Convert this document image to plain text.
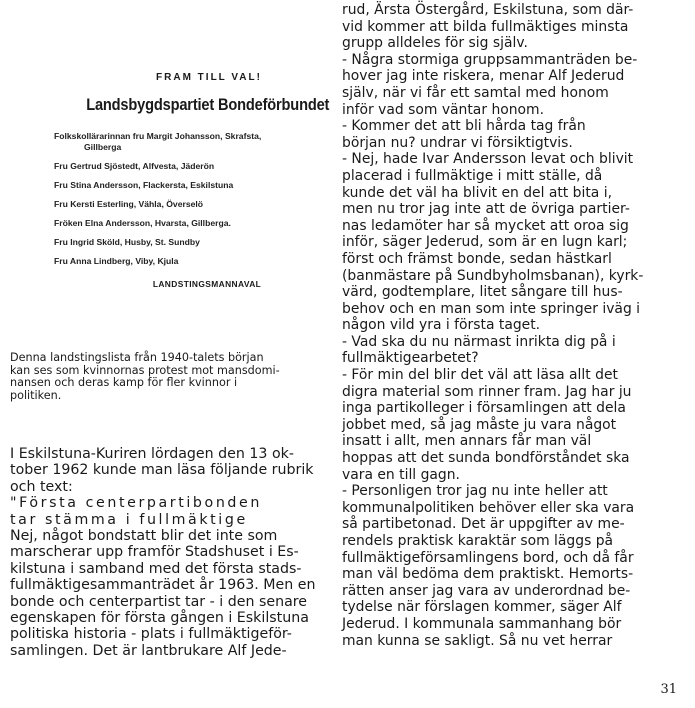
FRAM TILL VAL!
Landsbygdspartiet Bondeförbundet
Folkskollärarinnan fru Margit Johansson, Skrafsta,
Gillberga
Fru Gertrud Sjöstedt, Alfvesta, Jäderön
Fru Stina Andersson, Flackersta, Eskilstuna
Fru Kersti Esterling, Vähla, Överselö
Fröken Elna Andersson, Hvarsta, Gillberga.
Fru Ingrid Sköld, Husby, St. Sundby
Fru Anna Lindberg, Viby, Kjula
LANDSTINGSMANNAVAL
Denna landstingslista från 1940-talets början
kan ses som kvinnornas protest mot mansdomi-
nansen och deras kamp för fler kvinnor i
politiken.
I Eskilstuna-Kuriren lördagen den 13 ok-
tober 1962 kunde man läsa följande rubrik
och text:
"Första centerpartibonden
tar stämma i fullmäktige
Nej, något bondstatt blir det inte som
marscherar upp framför Stadshuset i Es-
kilstuna i samband med det första stads-
fullmäktigesammanträdet år 1963. Men en
bonde och centerpartist tar - i den senare
egenskapen för första gången i Eskilstuna
politiska historia - plats i fullmäktigeför-
samlingen. Det är lantbrukare Alf Jede-
rud, Ärsta Östergård, Eskilstuna, som där-
vid kommer att bilda fullmäktiges minsta
grupp alldeles för sig själv.
- Några stormiga gruppsammanträden be-
hover jag inte riskera, menar Alf Jederud
själv, när vi får ett samtal med honom
inför vad som väntar honom.
- Kommer det att bli hårda tag från
början nu? undrar vi försiktigtvis.
- Nej, hade Ivar Andersson levat och blivit
placerad i fullmäktige i mitt ställe, då
kunde det väl ha blivit en del att bita i,
men nu tror jag inte att de övriga partier-
nas ledamöter har så mycket att oroa sig
inför, säger Jederud, som är en lugn karl;
först och främst bonde, sedan hästkarl
(banmästare på Sundbyholmsbanan), kyrk-
värd, godtemplare, litet sångare till hus-
behov och en man som inte springer iväg i
någon vild yra i första taget.
- Vad ska du nu närmast inrikta dig på i
fullmäktigearbetet?
- För min del blir det väl att läsa allt det
digra material som rinner fram. Jag har ju
inga partikolleger i församlingen att dela
jobbet med, så jag måste ju vara något
insatt i allt, men annars får man väl
hoppas att det sunda bondförståndet ska
vara en till gagn.
- Personligen tror jag nu inte heller att
kommunalpolitiken behöver eller ska vara
så partibetonad. Det är uppgifter av me-
rendels praktisk karaktär som läggs på
fullmäktigeförsamlingens bord, och då får
man väl bedöma dem praktiskt. Hemorts-
rätten anser jag vara av underordnad be-
tydelse när förslagen kommer, säger Alf
Jederud. I kommunala sammanhang bör
man kunna se sakligt. Så nu vet herrar
31
